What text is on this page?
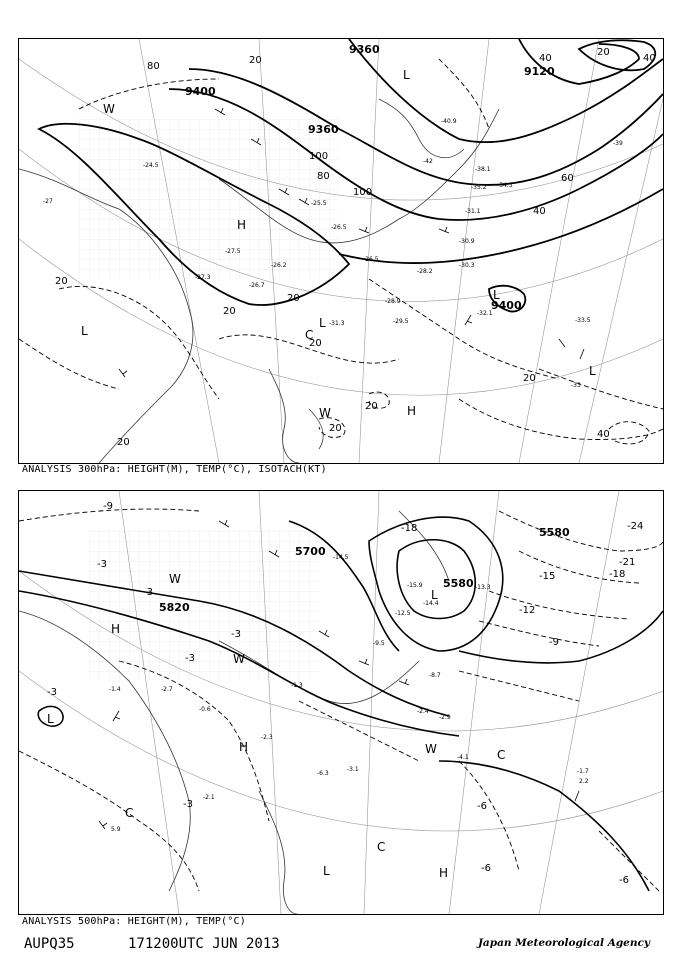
9360
9400
9360
9120
9400
80
20	40
20
40
60
40
100
80
100
20
20
20
20
20
20
20
20
40
-27
-24.5
-25.5
-27.5
-26.2
-27.3
-26.7
-28.9
-29.5
-30.9
-30.3
-35.2 -34.3
-31.1
-33
-33.5
-40.9
-42
-38.1
-39
-26.5
-28.2
-31.3
-26.5
-32.1
L
H
W
L
H
L
C
W
L
L
ANALYSIS 300hPa: HEIGHT(M), TEMP(°C), ISOTACH(KT)
5700
5820
5580
5580
-9
-3
-3
-3
-18	-24
-21
-18
-15
-12
-9
-6
-6
-6
-3
-3
-3
-14.5
-15.9
-12.5
-14.4
-13.3
-9.5
-8.7
-2.9
-2.4
-1.4
-0.6
-2.7
-1.3
-3.1
-4.1
-6.3
-2.3
-2.1
-1.7
5.9
2.2
H
W
L
W
C
C
L
C
H
L
H	W
ANALYSIS 500hPa: HEIGHT(M), TEMP(°C)
AUPQ35	171200UTC JUN 2013	Japan Meteorological Agency
